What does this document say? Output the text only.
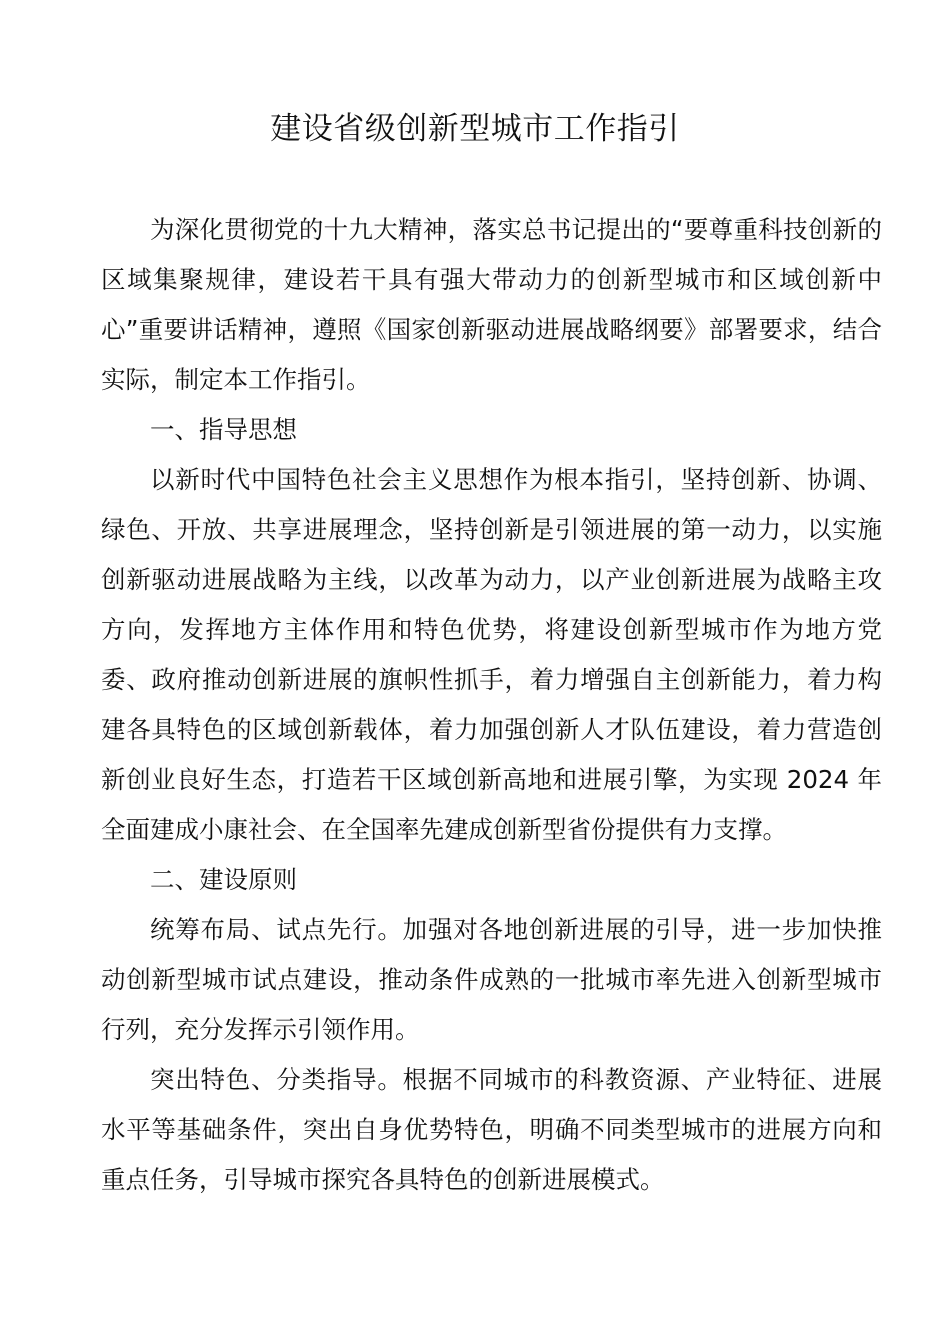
建设省级创新型城市工作指引

为深化贯彻党的十九大精神，落实总书记提出的“要尊重科技创新的区域集聚规律，建设若干具有强大带动力的创新型城市和区域创新中心”重要讲话精神，遵照《国家创新驱动进展战略纲要》部署要求，结合实际，制定本工作指引。

一、指导思想

以新时代中国特色社会主义思想作为根本指引，坚持创新、协调、绿色、开放、共享进展理念，坚持创新是引领进展的第一动力，以实施创新驱动进展战略为主线，以改革为动力，以产业创新进展为战略主攻方向，发挥地方主体作用和特色优势，将建设创新型城市作为地方党委、政府推动创新进展的旗帜性抓手，着力增强自主创新能力，着力构建各具特色的区域创新载体，着力加强创新人才队伍建设，着力营造创新创业良好生态，打造若干区域创新高地和进展引擎，为实现 2024 年全面建成小康社会、在全国率先建成创新型省份提供有力支撑。

二、建设原则

统筹布局、试点先行。加强对各地创新进展的引导，进一步加快推动创新型城市试点建设，推动条件成熟的一批城市率先进入创新型城市行列，充分发挥示引领作用。

突出特色、分类指导。根据不同城市的科教资源、产业特征、进展水平等基础条件，突出自身优势特色，明确不同类型城市的进展方向和重点任务，引导城市探究各具特色的创新进展模式。
